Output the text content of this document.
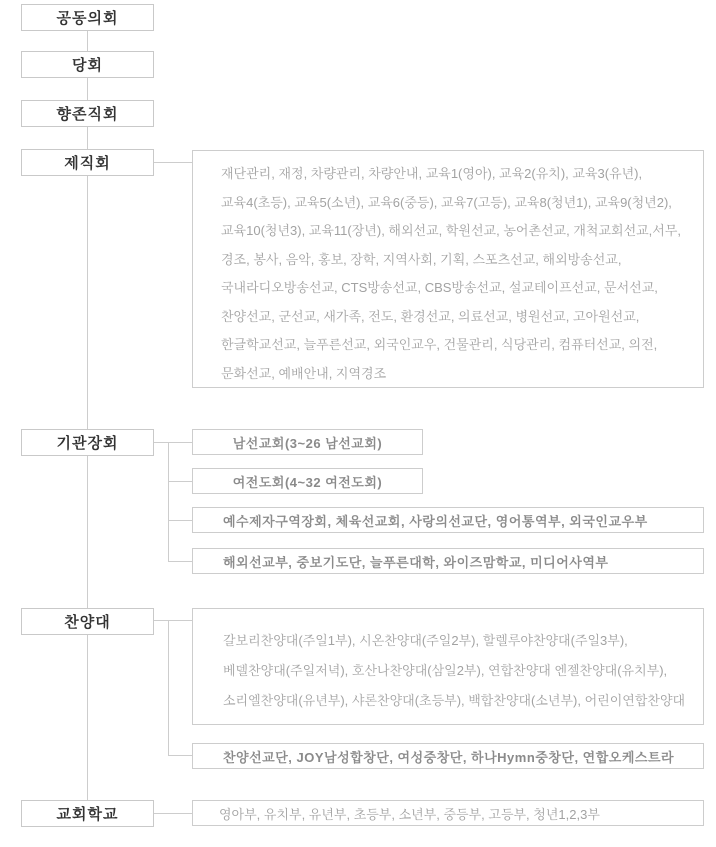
공동의회
당회
향존직회
제직회
기관장회
찬양대
교회학교
재단관리, 재정, 차량관리, 차량안내, 교육1(영아), 교육2(유치), 교육3(유년),
교육4(초등), 교육5(소년), 교육6(중등), 교육7(고등), 교육8(청년1), 교육9(청년2),
교육10(청년3), 교육11(장년), 해외선교, 학원선교, 농어촌선교, 개척교회선교,서무,
경조, 봉사, 음악, 홍보, 장학, 지역사회, 기획, 스포츠선교, 해외방송선교,
국내라디오방송선교, CTS방송선교, CBS방송선교, 설교테이프선교, 문서선교,
찬양선교, 군선교, 새가족, 전도, 환경선교, 의료선교, 병원선교, 고아원선교,
한글학교선교, 늘푸른선교, 외국인교우, 건물관리, 식당관리, 컴퓨터선교, 의전,
문화선교, 예배안내, 지역경조
남선교회(3~26 남선교회)
여전도회(4~32 여전도회)
예수제자구역장회, 체육선교회, 사랑의선교단, 영어통역부, 외국인교우부
해외선교부, 중보기도단, 늘푸른대학, 와이즈맘학교, 미디어사역부
갈보리찬양대(주일1부), 시온찬양대(주일2부), 할렐루야찬양대(주일3부),
베델찬양대(주일저녁), 호산나찬양대(삼일2부), 연합찬양대 엔젤찬양대(유치부),
소리엘찬양대(유년부), 샤론찬양대(초등부), 백합찬양대(소년부), 어린이연합찬양대
찬양선교단, JOY남성합창단, 여성중창단, 하나Hymn중창단, 연합오케스트라
영아부, 유치부, 유년부, 초등부, 소년부, 중등부, 고등부, 청년1,2,3부
